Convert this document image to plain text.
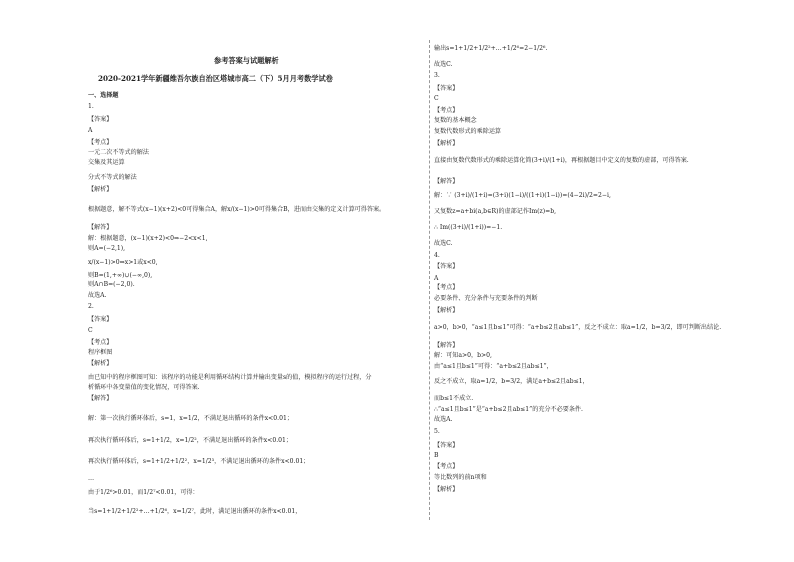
参考答案与试题解析
2020-2021学年新疆维吾尔族自治区塔城市高二（下）5月月考数学试卷
一、选择题
1.
【答案】
A
【考点】
一元二次不等式的解法
交集及其运算
分式不等式的解法
【解析】
根据题意，解不等式(x−1)(x+2)<0可得集合A，解x/(x−1)>0可得集合B，进而由交集的定义计算可得答案。
【解答】
解：根据题意，(x−1)(x+2)<0⇒−2<x<1,
则A=(−2,1),
x/(x−1)>0⇒x>1或x<0,
则B=(1,+∞)∪(−∞,0),
则A∩B=(−2,0).
故选A.
2.
【答案】
C
【考点】
程序框图
【解析】
由已知中的程序框图可知：该程序的功能是利用循环结构计算并输出变量s的值，模拟程序的运行过程，分
析循环中各变量值的变化情况，可得答案.
【解答】
解：第一次执行循环体后，s=1，x=1/2，不满足退出循环的条件x<0.01；
再次执行循环体后，s=1+1/2，x=1/2²，不满足退出循环的条件x<0.01；
再次执行循环体后，s=1+1/2+1/2²，x=1/2³，不满足退出循环的条件x<0.01；
…
由于1/2⁶>0.01，而1/2⁷<0.01，可得：
当s=1+1/2+1/2²+…+1/2⁶，x=1/2⁷，此时，满足退出循环的条件x<0.01，
输出s=1+1/2+1/2²+…+1/2⁶=2−1/2⁶.
故选C.
3.
【答案】
C
【考点】
复数的基本概念
复数代数形式的乘除运算
【解析】
直接由复数代数形式的乘除运算化简(3+i)/(1+i)，再根据题目中定义的复数的虚部，可得答案.
【解答】
解：∵ (3+i)/(1+i)=(3+i)(1−i)/((1+i)(1−i))=(4−2i)/2=2−i,
又复数z=a+bi(a,b∈R)的虚部记作Im(z)=b,
∴ Im((3+i)/(1+i))=−1.
故选C.
4.
【答案】
A
【考点】
必要条件、充分条件与充要条件的判断
【解析】
a>0，b>0，“a≤1且b≤1”可得：“a+b≤2且ab≤1”，反之不成立：取a=1/2，b=3/2，即可判断出结论.
【解答】
解：可知a>0，b>0,
由“a≤1且b≤1”可得：“a+b≤2且ab≤1”，
反之不成立，取a=1/2，b=3/2，满足a+b≤2且ab≤1，
而b≤1不成立.
∴“a≤1且b≤1”是“a+b≤2且ab≤1”的充分不必要条件.
故选A.
5.
【答案】
B
【考点】
等比数列的前n项和
【解析】
